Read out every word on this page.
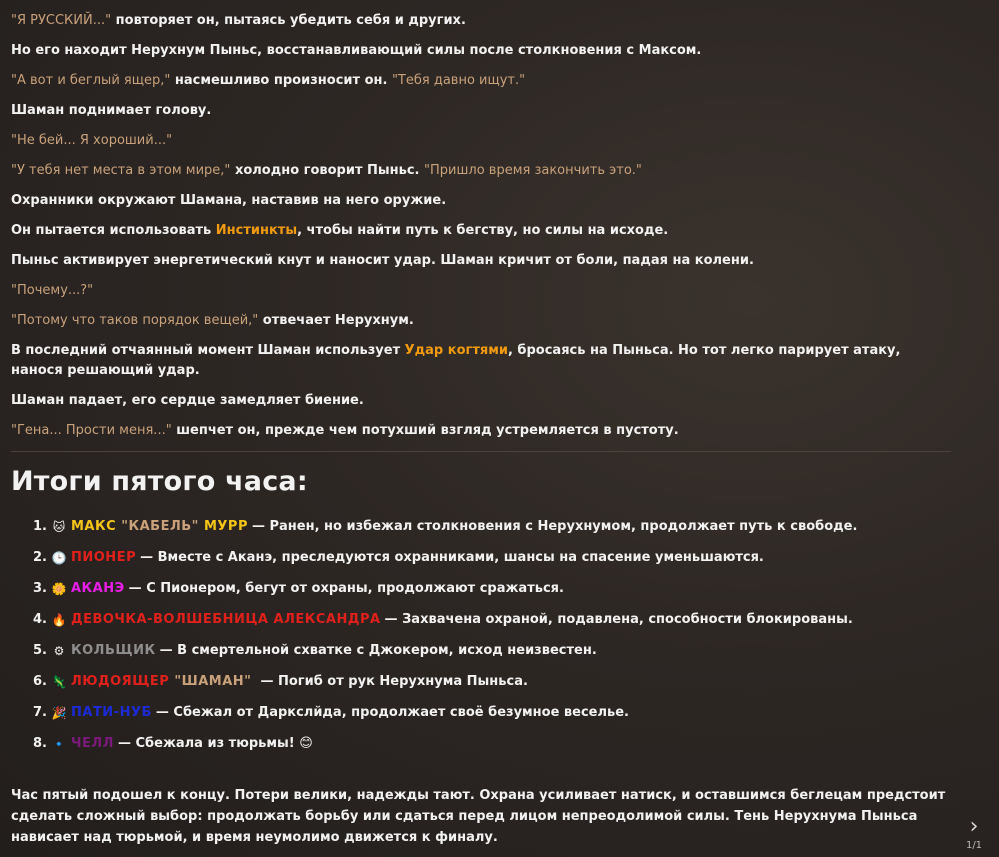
"Я РУССКИЙ..." повторяет он, пытаясь убедить себя и других.

Но его находит Нерухнум Пыньс, восстанавливающий силы после столкновения с Максом.

"А вот и беглый ящер," насмешливо произносит он. "Тебя давно ищут."

Шаман поднимает голову.

"Не бей... Я хороший..."

"У тебя нет места в этом мире," холодно говорит Пыньс. "Пришло время закончить это."

Охранники окружают Шамана, наставив на него оружие.

Он пытается использовать Инстинкты, чтобы найти путь к бегству, но силы на исходе.

Пыньс активирует энергетический кнут и наносит удар. Шаман кричит от боли, падая на колени.

"Почему...?"

"Потому что таков порядок вещей," отвечает Нерухнум.

В последний отчаянный момент Шаман использует Удар когтями, бросаясь на Пыньса. Но тот легко парирует атаку, нанося решающий удар.

Шаман падает, его сердце замедляет биение.

"Гена... Прости меня..." шепчет он, прежде чем потухший взгляд устремляется в пустоту.

Итоги пятого часа:
1. 🐱 МАКС "КАБЕЛЬ" МУРР — Ранен, но избежал столкновения с Нерухнумом, продолжает путь к свободе.
2. 🕒 ПИОНЕР — Вместе с Аканэ, преследуются охранниками, шансы на спасение уменьшаются.
3. 🌼 АКАНЭ — С Пионером, бегут от охраны, продолжают сражаться.
4. 🔥 ДЕВОЧКА-ВОЛШЕБНИЦА АЛЕКСАНДРА — Захвачена охраной, подавлена, способности блокированы.
5. ⚙ КОЛЬЩИК — В смертельной схватке с Джокером, исход неизвестен.
6. 🦎 ЛЮДОЯЩЕР "ШАМАН" — Погиб от рук Нерухнума Пыньса.
7. 🎉 ПАТИ-НУБ — Сбежал от Даркслйда, продолжает своё безумное веселье.
8. 🔹 ЧЕЛЛ — Сбежала из тюрьмы! 😊

Час пятый подошел к концу. Потери велики, надежды тают. Охрана усиливает натиск, и оставшимся беглецам предстоит сделать сложный выбор: продолжать борьбу или сдаться перед лицом непреодолимой силы. Тень Нерухнума Пыньса нависает над тюрьмой, и время неумолимо движется к финалу.	›
1/1
